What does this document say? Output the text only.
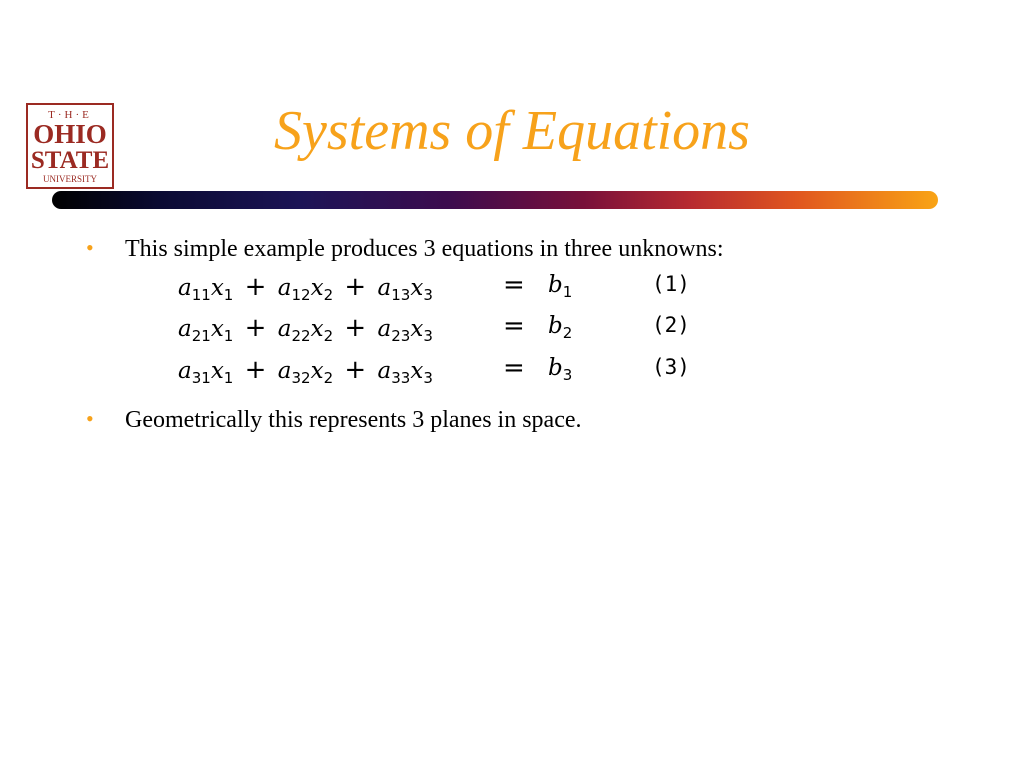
T·H·E
OHIO
STATE
UNIVERSITY
Systems of Equations
• This simple example produces 3 equations in three unknowns:
$a_{11}x_1 + a_{12}x_2 + a_{13}x_3$	= $b_1$	(1)
$a_{21}x_1 + a_{22}x_2 + a_{23}x_3$	= $b_2$	(2)
$a_{31}x_1 + a_{32}x_2 + a_{33}x_3$	= $b_3$	(3)
• Geometrically this represents 3 planes in space.
